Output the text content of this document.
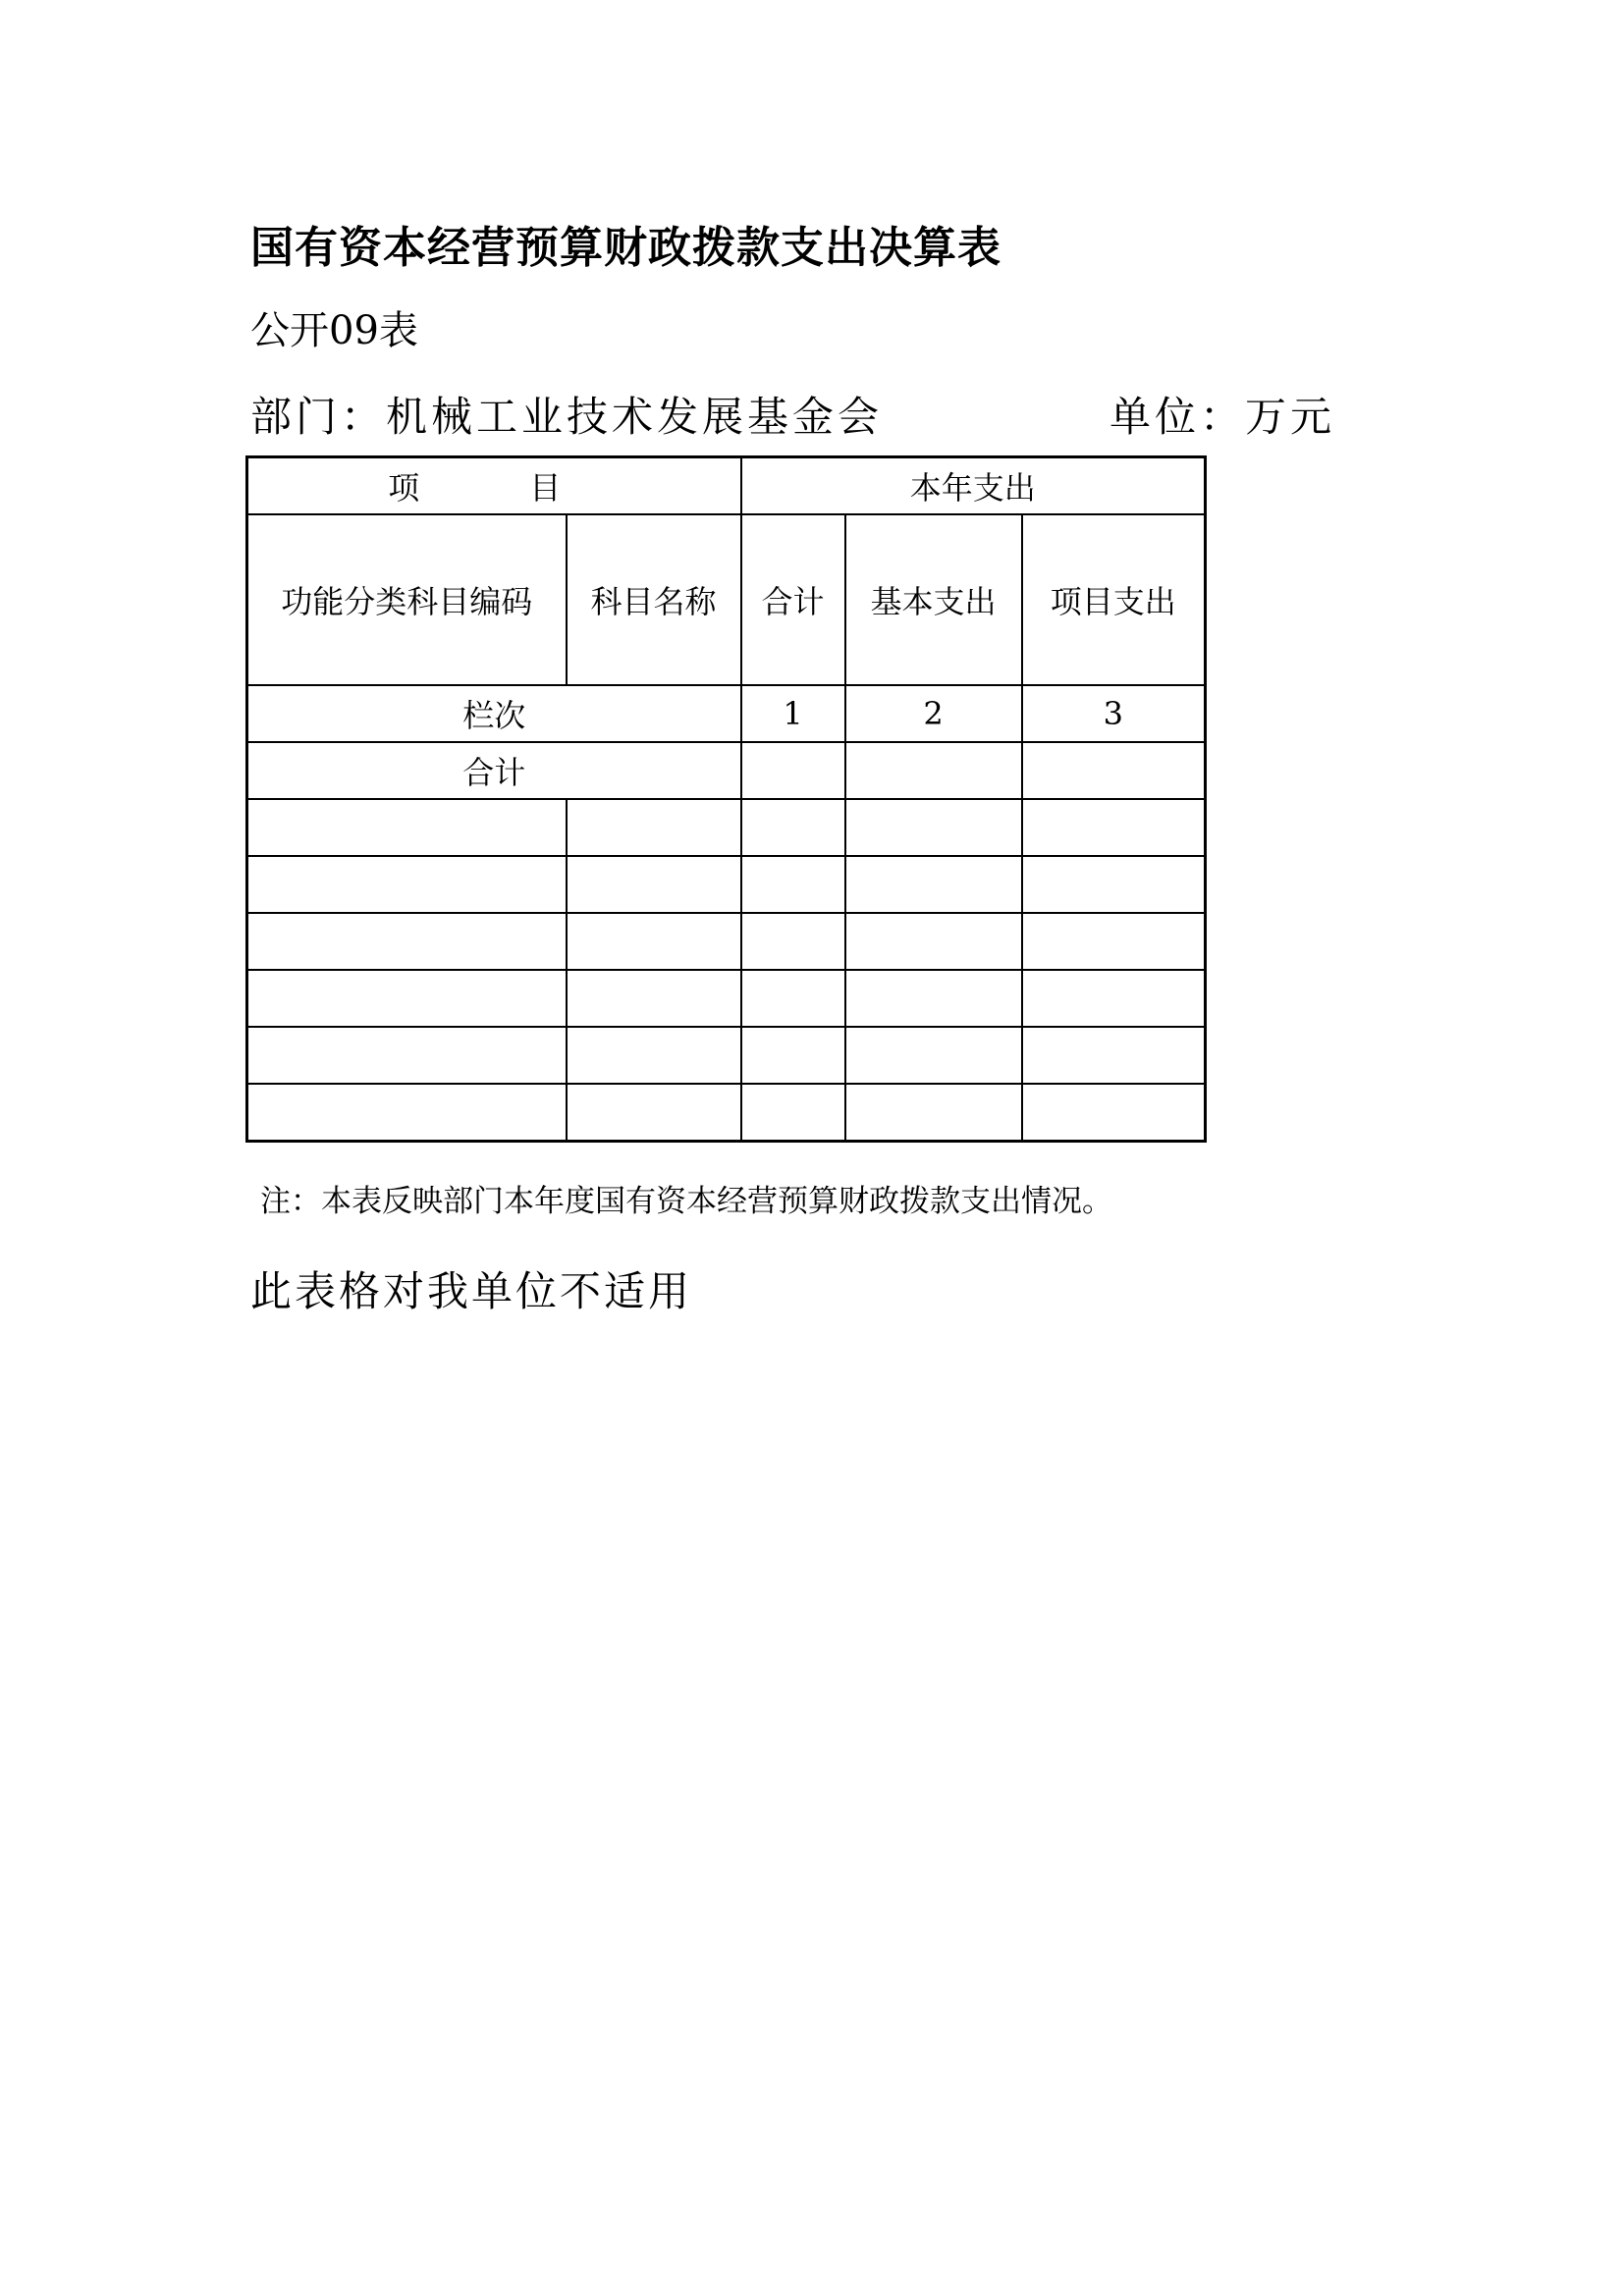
国有资本经营预算财政拨款支出决算表
公开09表
部门：机械工业技术发展基金会	单位：万元
项　目		本年支出		
功能分类科目编码	科目名称	合计	基本支出	项目支出
栏次		1	2	3
合计				

注：本表反映部门本年度国有资本经营预算财政拨款支出情况。
此表格对我单位不适用
